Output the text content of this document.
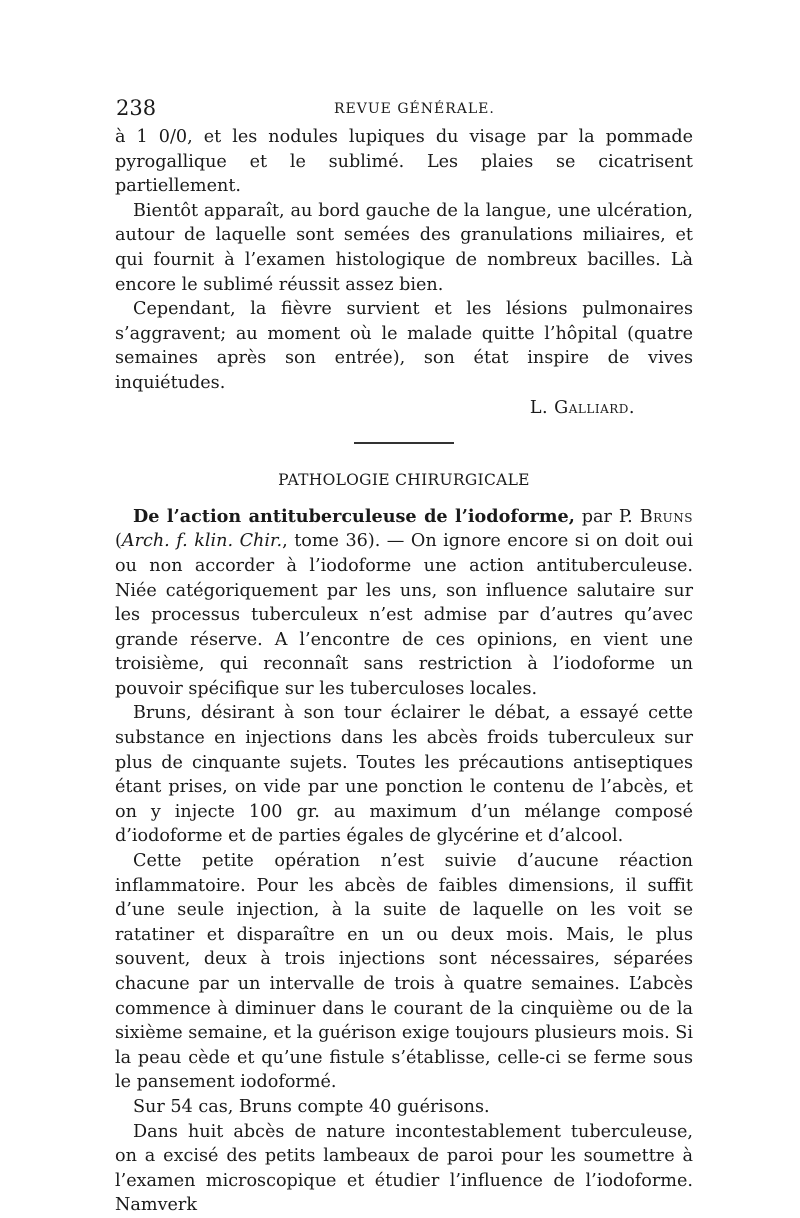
238	REVUE GÉNÉRALE.

à 1 0/0, et les nodules lupiques du visage par la pommade pyrogallique et le sublimé. Les plaies se cicatrisent partiellement.

Bientôt apparaît, au bord gauche de la langue, une ulcération, autour de laquelle sont semées des granulations miliaires, et qui fournit à l’examen histologique de nombreux bacilles. Là encore le sublimé réussit assez bien.

Cependant, la fièvre survient et les lésions pulmonaires s’aggravent; au moment où le malade quitte l’hôpital (quatre semaines après son entrée), son état inspire de vives inquiétudes.

L. Galliard.

PATHOLOGIE CHIRURGICALE

De l’action antituberculeuse de l’iodoforme, par P. Bruns (Arch. f. klin. Chir., tome 36). — On ignore encore si on doit oui ou non accorder à l’iodoforme une action antituberculeuse. Niée catégoriquement par les uns, son influence salutaire sur les processus tuberculeux n’est admise par d’autres qu’avec grande réserve. A l’encontre de ces opinions, en vient une troisième, qui reconnaît sans restriction à l’iodoforme un pouvoir spécifique sur les tuberculoses locales.

Bruns, désirant à son tour éclairer le débat, a essayé cette substance en injections dans les abcès froids tuberculeux sur plus de cinquante sujets. Toutes les précautions antiseptiques étant prises, on vide par une ponction le contenu de l’abcès, et on y injecte 100 gr. au maximum d’un mélange composé d’iodoforme et de parties égales de glycérine et d’alcool.

Cette petite opération n’est suivie d’aucune réaction inflammatoire. Pour les abcès de faibles dimensions, il suffit d’une seule injection, à la suite de laquelle on les voit se ratatiner et disparaître en un ou deux mois. Mais, le plus souvent, deux à trois injections sont nécessaires, séparées chacune par un intervalle de trois à quatre semaines. L’abcès commence à diminuer dans le courant de la cinquième ou de la sixième semaine, et la guérison exige toujours plusieurs mois. Si la peau cède et qu’une fistule s’établisse, celle-ci se ferme sous le pansement iodoformé.

Sur 54 cas, Bruns compte 40 guérisons.

Dans huit abcès de nature incontestablement tuberculeuse, on a excisé des petits lambeaux de paroi pour les soumettre à l’examen microscopique et étudier l’influence de l’iodoforme. Namverk
